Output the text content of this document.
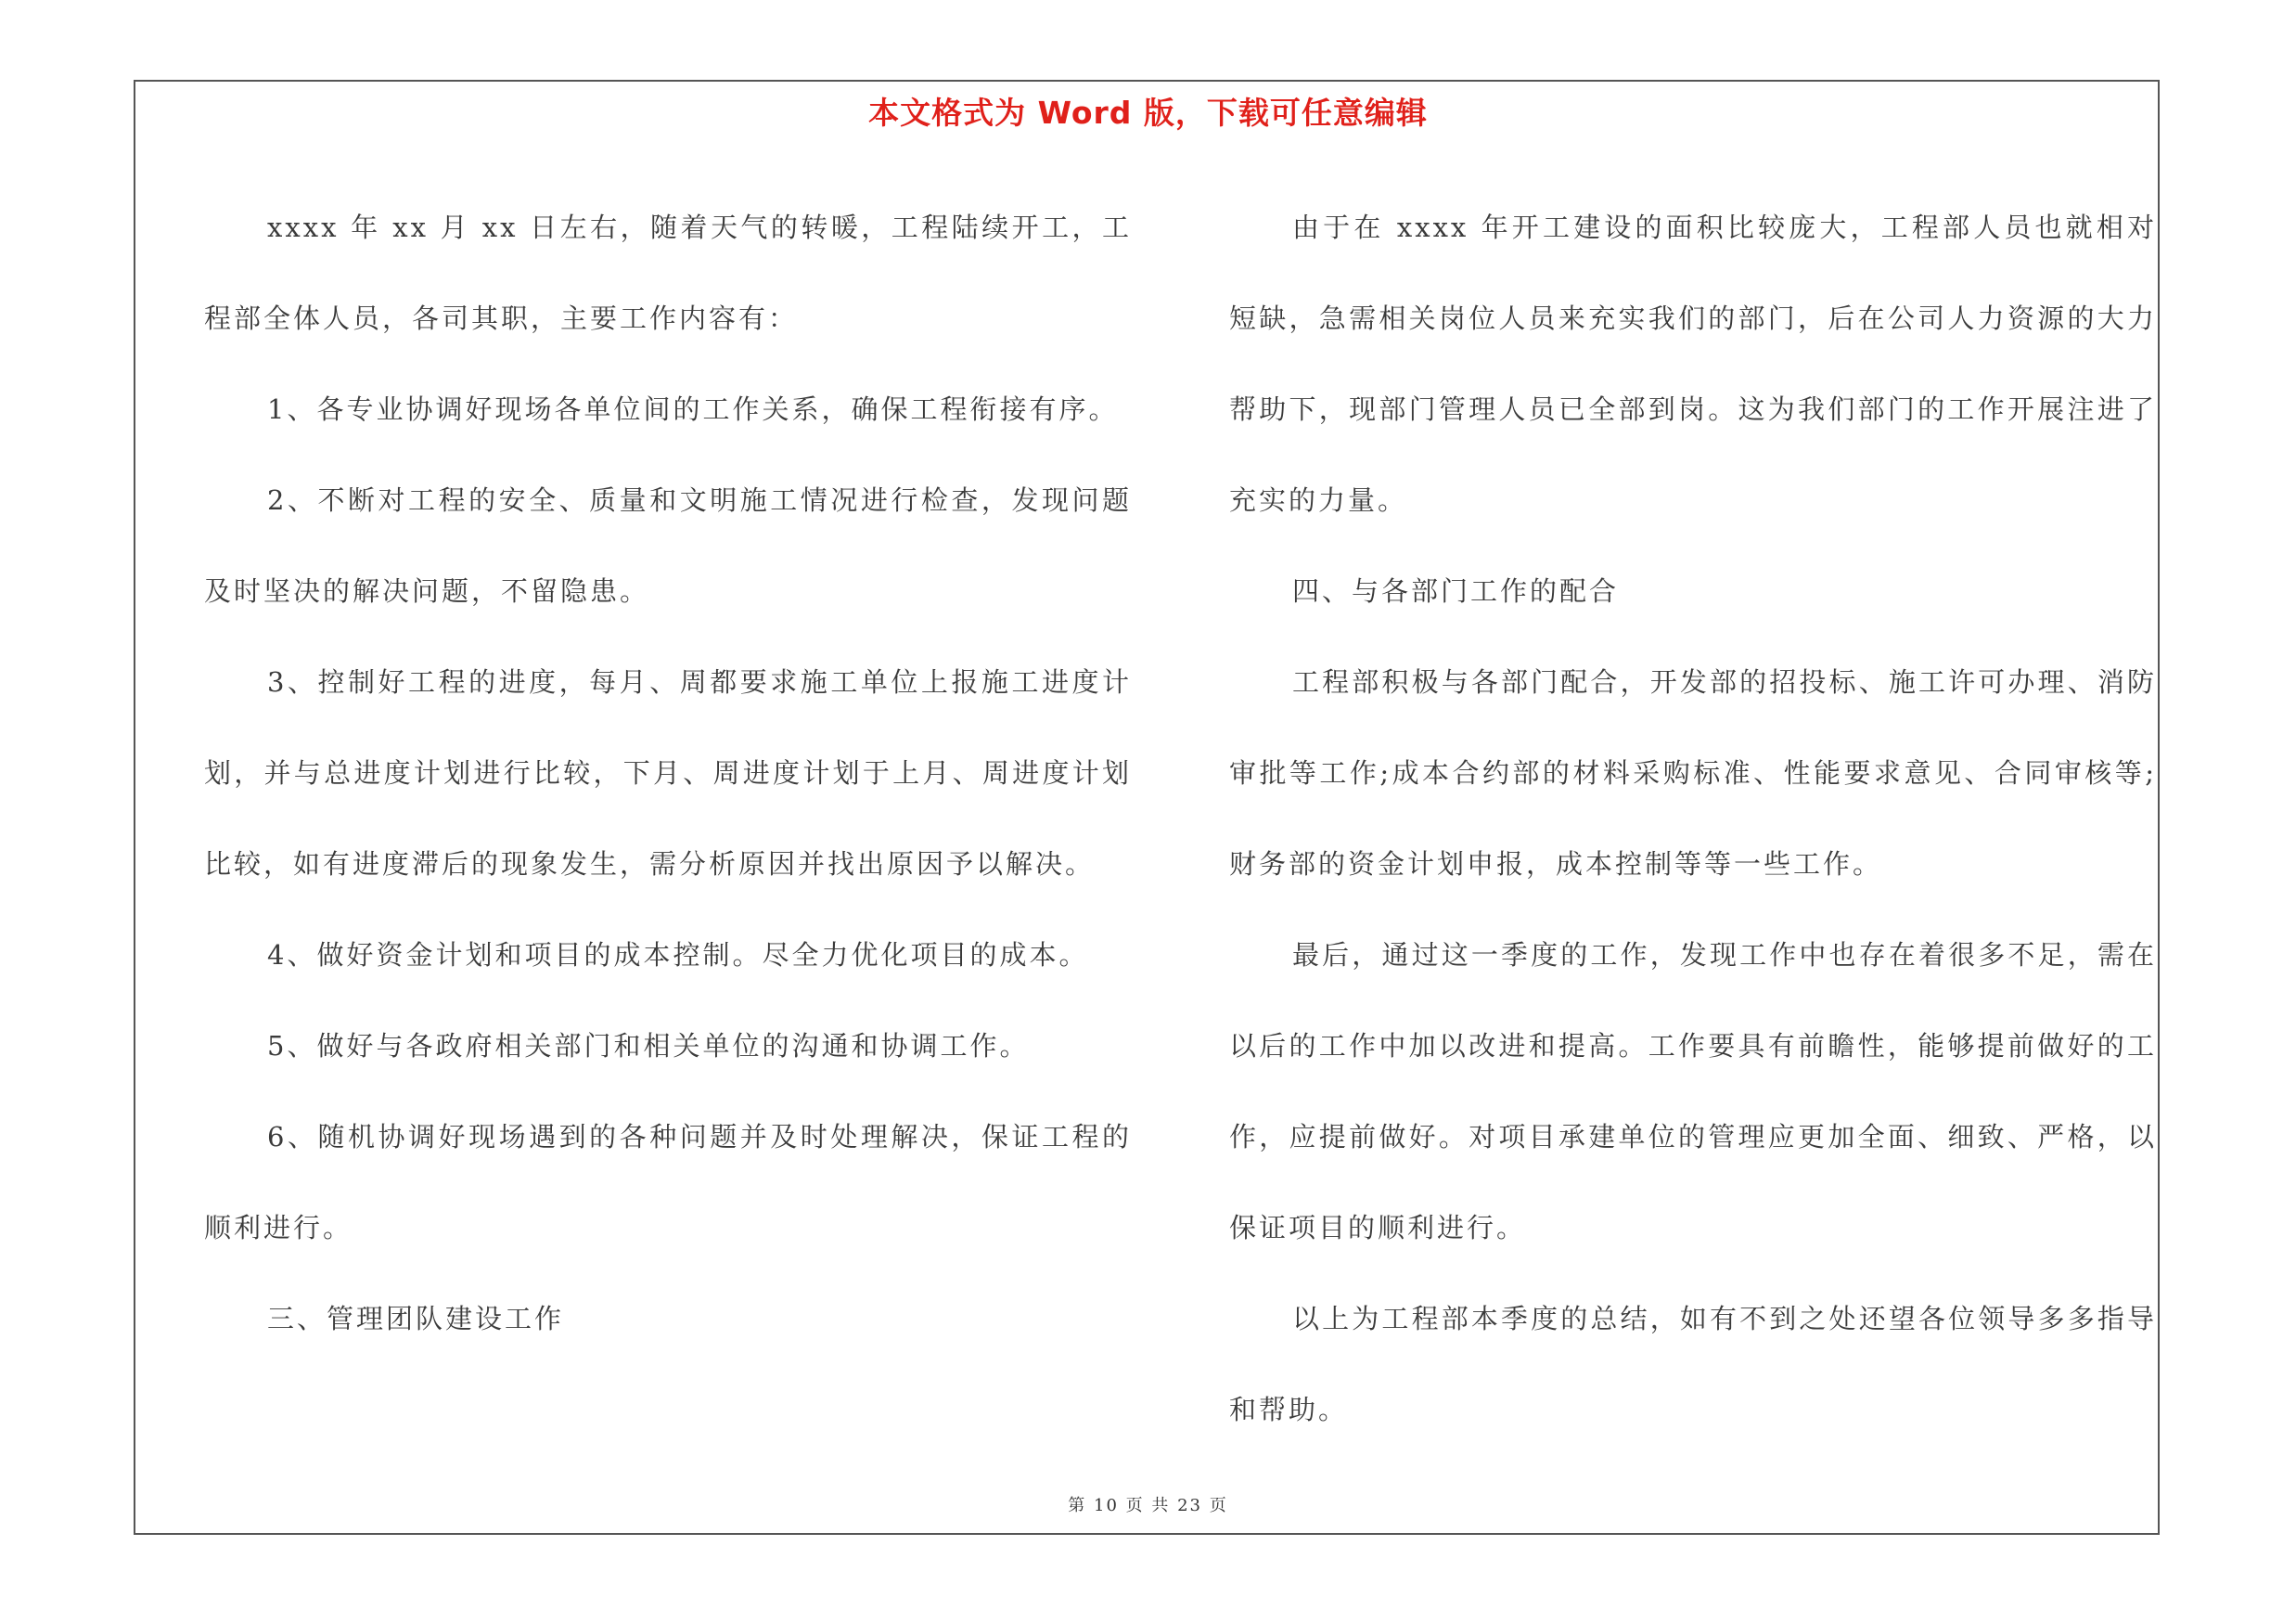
本文格式为 Word 版，下载可任意编辑

xxxx 年 xx 月 xx 日左右，随着天气的转暖，工程陆续开工，工程部全体人员，各司其职，主要工作内容有：

1、各专业协调好现场各单位间的工作关系，确保工程衔接有序。

2、不断对工程的安全、质量和文明施工情况进行检查，发现问题及时坚决的解决问题，不留隐患。

3、控制好工程的进度，每月、周都要求施工单位上报施工进度计划，并与总进度计划进行比较，下月、周进度计划于上月、周进度计划比较，如有进度滞后的现象发生，需分析原因并找出原因予以解决。

4、做好资金计划和项目的成本控制。尽全力优化项目的成本。

5、做好与各政府相关部门和相关单位的沟通和协调工作。

6、随机协调好现场遇到的各种问题并及时处理解决，保证工程的顺利进行。

三、管理团队建设工作

由于在 xxxx 年开工建设的面积比较庞大，工程部人员也就相对短缺，急需相关岗位人员来充实我们的部门，后在公司人力资源的大力帮助下，现部门管理人员已全部到岗。这为我们部门的工作开展注进了充实的力量。

四、与各部门工作的配合

工程部积极与各部门配合，开发部的招投标、施工许可办理、消防审批等工作;成本合约部的材料采购标准、性能要求意见、合同审核等;财务部的资金计划申报，成本控制等等一些工作。

最后，通过这一季度的工作，发现工作中也存在着很多不足，需在以后的工作中加以改进和提高。工作要具有前瞻性，能够提前做好的工作，应提前做好。对项目承建单位的管理应更加全面、细致、严格，以保证项目的顺利进行。

以上为工程部本季度的总结，如有不到之处还望各位领导多多指导和帮助。

第 10 页 共 23 页
